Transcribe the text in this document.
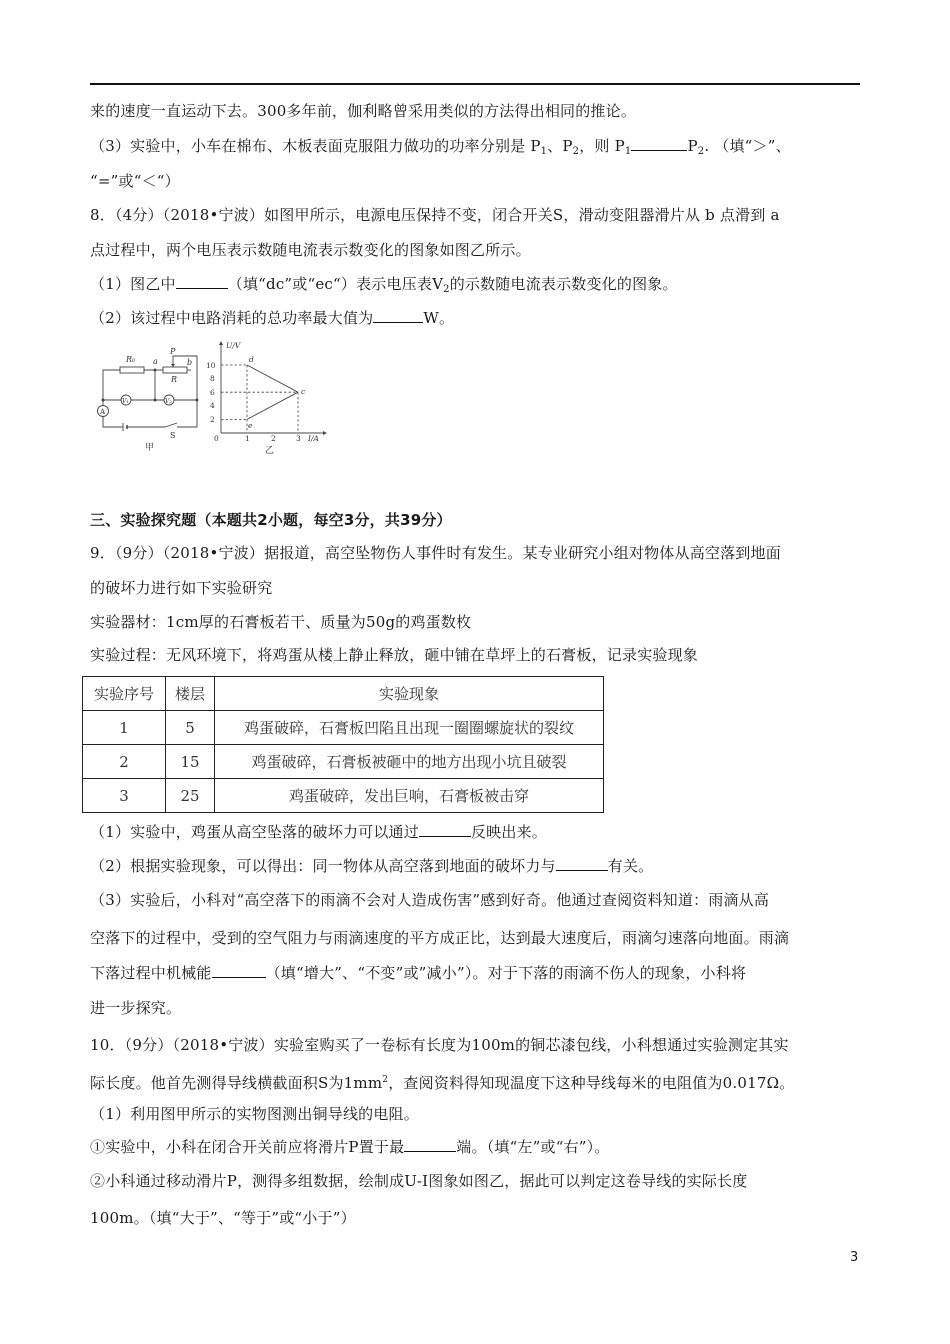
来的速度一直运动下去。300多年前，伽利略曾采用类似的方法得出相同的推论。
（3）实验中，小车在棉布、木板表面克服阻力做功的功率分别是 $P_1$、$P_2$，则 $P_1$	$P_2$. （填“＞”、
“=”或“＜“）
8．（4分）（2018•宁波）如图甲所示，电源电压保持不变，闭合开关S，滑动变阻器滑片从 b 点滑到 a
点过程中，两个电压表示数随电流表示数变化的图象如图乙所示。
（1）图乙中	（填“dc”或“ec“）表示电压表$V_2$的示数随电流表示数变化的图象。
（2）该过程中电路消耗的总功率最大值为	W。
R₀ a
P
b
R
V₁	V₂
A
S
甲
U/V
10
8
6
4
2
0	1	2	3 I/A
d
c
e
乙
三、实验探究题（本题共2小题，每空3分，共39分）
9．（9分）（2018•宁波）据报道，高空坠物伤人事件时有发生。某专业研究小组对物体从高空落到地面
的破坏力进行如下实验研究
实验器材：1cm厚的石膏板若干、质量为50g的鸡蛋数枚
实验过程：无风环境下，将鸡蛋从楼上静止释放，砸中铺在草坪上的石膏板，记录实验现象
实验序号	楼层	实验现象
1	5	鸡蛋破碎，石膏板凹陷且出现一圈圈螺旋状的裂纹
2	15	鸡蛋破碎，石膏板被砸中的地方出现小坑且破裂
3	25	鸡蛋破碎，发出巨响，石膏板被击穿
（1）实验中，鸡蛋从高空坠落的破坏力可以通过	反映出来。
（2）根据实验现象，可以得出：同一物体从高空落到地面的破坏力与	有关。
（3）实验后，小科对“高空落下的雨滴不会对人造成伤害”感到好奇。他通过查阅资料知道：雨滴从高
空落下的过程中，受到的空气阻力与雨滴速度的平方成正比，达到最大速度后，雨滴匀速落向地面。雨滴
下落过程中机械能	（填“增大”、“不变”或”减小”）。对于下落的雨滴不伤人的现象，小科将
进一步探究。
10．（9分）（2018•宁波）实验室购买了一卷标有长度为100m的铜芯漆包线，小科想通过实验测定其实
际长度。他首先测得导线横截面积S为$1mm^2$，查阅资料得知现温度下这种导线每米的电阻值为0.017Ω。
（1）利用图甲所示的实物图测出铜导线的电阻。
①实验中，小科在闭合开关前应将滑片P置于最	端。（填“左”或“右”）。
②小科通过移动滑片P，测得多组数据，绘制成U-I图象如图乙，据此可以判定这卷导线的实际长度
100m。（填“大于”、“等于”或“小于”）
3
